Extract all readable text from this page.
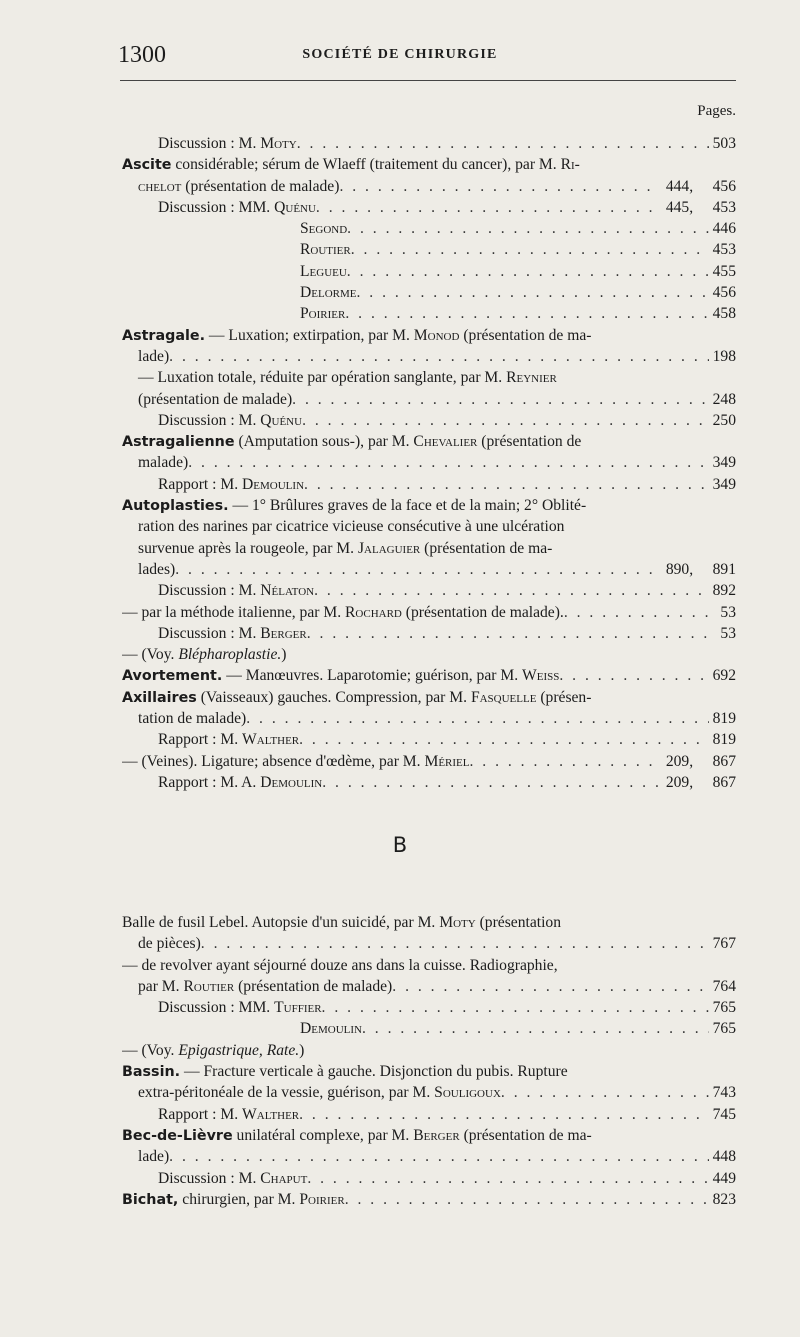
1300	SOCIÉTÉ DE CHIRURGIE
Pages.
Discussion : M. Moty . . .	503
Ascite considérable; sérum de Wlaeff (traitement du cancer), par M. Ri-
chelot (présentation de malade) . . .	444, 456
Discussion : MM. Quénu . . .	445, 453
Segond . . .	446
Routier . . .	453
Legueu . . .	455
Delorme . . .	456
Poirier . . .	458
Astragale. — Luxation; extirpation, par M. Monod (présentation de ma-
lade) . . .	198
— Luxation totale, réduite par opération sanglante, par M. Reynier
(présentation de malade) . . .	248
Discussion : M. Quénu . . .	250
Astragalienne (Amputation sous-), par M. Chevalier (présentation de
malade) . . .	349
Rapport : M. Demoulin . . .	349
Autoplasties. — 1° Brûlures graves de la face et de la main; 2° Oblité-
ration des narines par cicatrice vicieuse consécutive à une ulcération
survenue après la rougeole, par M. Jalaguier (présentation de ma-
lades) . . .	890, 891
Discussion : M. Nélaton . . .	892
— par la méthode italienne, par M. Rochard (présentation de malade). . . .	53
Discussion : M. Berger . . .	53
— (Voy. Blépharoplastie.)
Avortement. — Manœuvres. Laparotomie; guérison, par M. Weiss . . .	692
Axillaires (Vaisseaux) gauches. Compression, par M. Fasquelle (présen-
tation de malade) . . .	819
Rapport : M. Walther . . .	819
— (Veines). Ligature; absence d'œdème, par M. Mériel . . .	209, 867
Rapport : M. A. Demoulin . . .	209, 867
B
Balle de fusil Lebel. Autopsie d'un suicidé, par M. Moty (présentation
de pièces) . . .	767
— de revolver ayant séjourné douze ans dans la cuisse. Radiographie,
par M. Routier (présentation de malade) . . .	764
Discussion : MM. Tuffier . . .	765
Demoulin . . .	765
— (Voy. Epigastrique, Rate.)
Bassin. — Fracture verticale à gauche. Disjonction du pubis. Rupture
extra-péritonéale de la vessie, guérison, par M. Souligoux . . .	743
Rapport : M. Walther . . .	745
Bec-de-Lièvre unilatéral complexe, par M. Berger (présentation de ma-
lade) . . .	448
Discussion : M. Chaput . . .	449
Bichat, chirurgien, par M. Poirier . . .	823
